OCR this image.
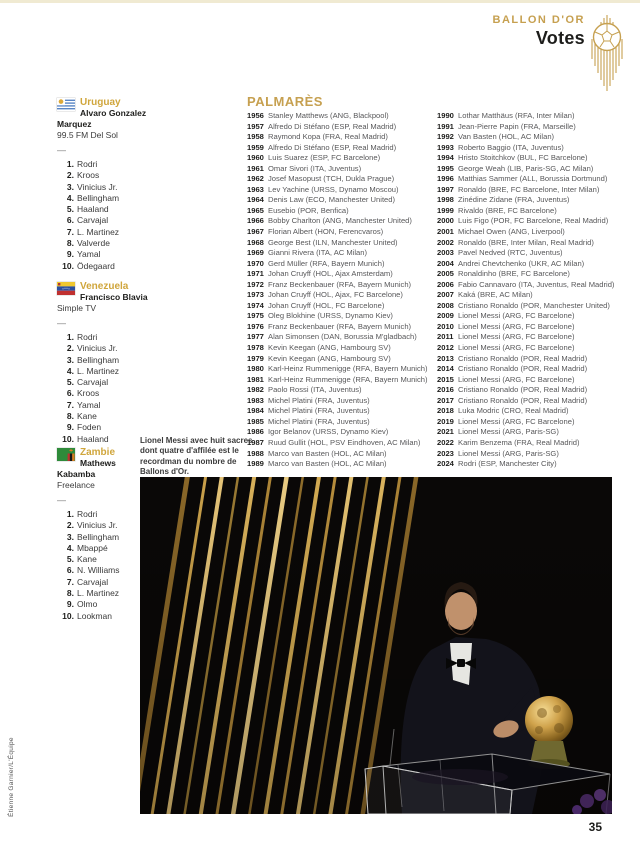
BALLON D'OR
Votes
Uruguay
Alvaro Gonzalez Marquez
99.5 FM Del Sol
—
1. Rodri
2. Kroos
3. Vinicius Jr.
4. Bellingham
5. Haaland
6. Carvajal
7. L. Martinez
8. Valverde
9. Yamal
10. Ödegaard
Venezuela
Francisco Blavia
Simple TV
—
1. Rodri
2. Vinicius Jr.
3. Bellingham
4. L. Martinez
5. Carvajal
6. Kroos
7. Yamal
8. Kane
9. Foden
10. Haaland
Zambie
Mathews Kabamba
Freelance
—
1. Rodri
2. Vinicius Jr.
3. Bellingham
4. Mbappé
5. Kane
6. N. Williams
7. Carvajal
8. L. Martinez
9. Olmo
10. Lookman
PALMARÈS
1956 Stanley Matthews (ANG, Blackpool)
1957 Alfredo Di Stéfano (ESP, Real Madrid)
1958 Raymond Kopa (FRA, Real Madrid)
1959 Alfredo Di Stéfano (ESP, Real Madrid)
1960 Luis Suarez (ESP, FC Barcelone)
1961 Omar Sivori (ITA, Juventus)
1962 Josef Masopust (TCH, Dukla Prague)
1963 Lev Yachine (URSS, Dynamo Moscou)
1964 Denis Law (ECO, Manchester United)
1965 Eusebio (POR, Benfica)
1966 Bobby Charlton (ANG, Manchester United)
1967 Florian Albert (HON, Ferencvaros)
1968 George Best (ILN, Manchester United)
1969 Gianni Rivera (ITA, AC Milan)
1970 Gerd Müller (RFA, Bayern Munich)
1971 Johan Cruyff (HOL, Ajax Amsterdam)
1972 Franz Beckenbauer (RFA, Bayern Munich)
1973 Johan Cruyff (HOL, Ajax, FC Barcelone)
1974 Johan Cruyff (HOL, FC Barcelone)
1975 Oleg Blokhine (URSS, Dynamo Kiev)
1976 Franz Beckenbauer (RFA, Bayern Munich)
1977 Alan Simonsen (DAN, Borussia M'gladbach)
1978 Kevin Keegan (ANG, Hambourg SV)
1979 Kevin Keegan (ANG, Hambourg SV)
1980 Karl-Heinz Rummenigge (RFA, Bayern Munich)
1981 Karl-Heinz Rummenigge (RFA, Bayern Munich)
1982 Paolo Rossi (ITA, Juventus)
1983 Michel Platini (FRA, Juventus)
1984 Michel Platini (FRA, Juventus)
1985 Michel Platini (FRA, Juventus)
1986 Igor Belanov (URSS, Dynamo Kiev)
1987 Ruud Gullit (HOL, PSV Eindhoven, AC Milan)
1988 Marco van Basten (HOL, AC Milan)
1989 Marco van Basten (HOL, AC Milan)
1990 Lothar Matthäus (RFA, Inter Milan)
1991 Jean-Pierre Papin (FRA, Marseille)
1992 Van Basten (HOL, AC Milan)
1993 Roberto Baggio (ITA, Juventus)
1994 Hristo Stoitchkov (BUL, FC Barcelone)
1995 George Weah (LIB, Paris-SG, AC Milan)
1996 Matthias Sammer (ALL, Borussia Dortmund)
1997 Ronaldo (BRE, FC Barcelone, Inter Milan)
1998 Zinédine Zidane (FRA, Juventus)
1999 Rivaldo (BRE, FC Barcelone)
2000 Luis Figo (POR, FC Barcelone, Real Madrid)
2001 Michael Owen (ANG, Liverpool)
2002 Ronaldo (BRE, Inter Milan, Real Madrid)
2003 Pavel Nedved (RTC, Juventus)
2004 Andrei Chevtchenko (UKR, AC Milan)
2005 Ronaldinho (BRE, FC Barcelone)
2006 Fabio Cannavaro (ITA, Juventus, Real Madrid)
2007 Kaká (BRE, AC Milan)
2008 Cristiano Ronaldo (POR, Manchester United)
2009 Lionel Messi (ARG, FC Barcelone)
2010 Lionel Messi (ARG, FC Barcelone)
2011 Lionel Messi (ARG, FC Barcelone)
2012 Lionel Messi (ARG, FC Barcelone)
2013 Cristiano Ronaldo (POR, Real Madrid)
2014 Cristiano Ronaldo (POR, Real Madrid)
2015 Lionel Messi (ARG, FC Barcelone)
2016 Cristiano Ronaldo (POR, Real Madrid)
2017 Cristiano Ronaldo (POR, Real Madrid)
2018 Luka Modric (CRO, Real Madrid)
2019 Lionel Messi (ARG, FC Barcelone)
2021 Lionel Messi (ARG, Paris-SG)
2022 Karim Benzema (FRA, Real Madrid)
2023 Lionel Messi (ARG, Paris-SG)
2024 Rodri (ESP, Manchester City)
Lionel Messi avec huit sacres dont quatre d'affilée est le recordman du nombre de Ballons d'Or.
Étienne Garnier/L'Équipe
35
